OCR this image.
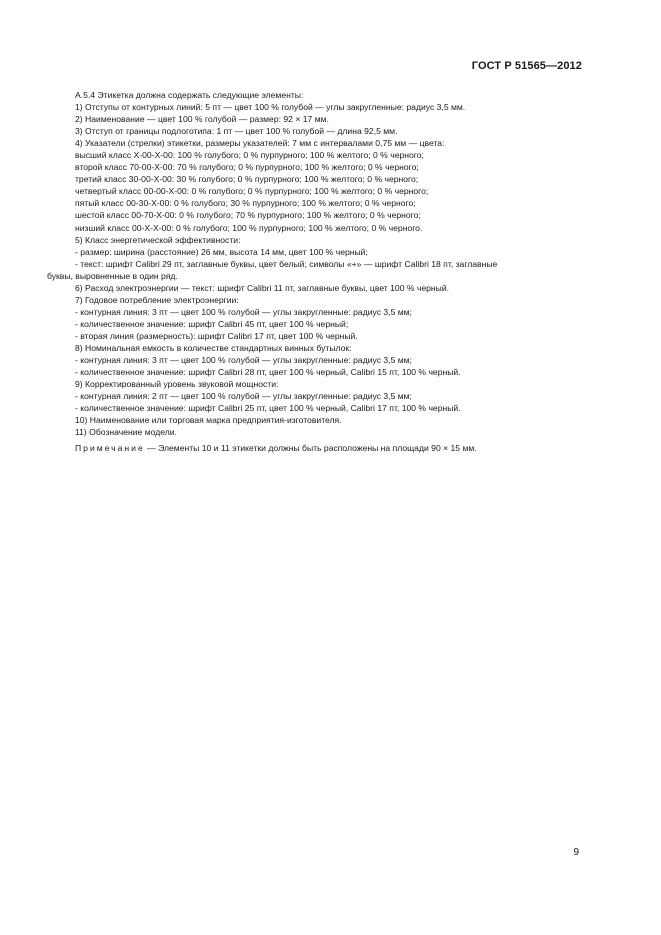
ГОСТ Р 51565—2012
А.5.4 Этикетка должна содержать следующие элементы:
1) Отступы от контурных линий: 5 пт — цвет 100 % голубой — углы закругленные: радиус 3,5 мм.
2) Наименование — цвет 100 % голубой — размер: 92 × 17 мм.
3) Отступ от границы подлоготипа: 1 пт — цвет 100 % голубой — длина 92,5 мм.
4) Указатели (стрелки) этикетки, размеры указателей: 7 мм с интервалами 0,75 мм — цвета:
высший класс Х-00-Х-00: 100 % голубого; 0 % пурпурного; 100 % желтого; 0 % черного;
второй класс 70-00-Х-00: 70 % голубого; 0 % пурпурного; 100 % желтого; 0 % черного;
третий класс 30-00-Х-00: 30 % голубого; 0 % пурпурного; 100 % желтого; 0 % черного;
четвертый класс 00-00-Х-00: 0 % голубого; 0 % пурпурного; 100 % желтого; 0 % черного;
пятый класс 00-30-Х-00: 0 % голубого; 30 % пурпурного; 100 % желтого; 0 % черного;
шестой класс 00-70-Х-00: 0 % голубого; 70 % пурпурного; 100 % желтого; 0 % черного;
низший класс 00-Х-Х-00: 0 % голубого; 100 % пурпурного; 100 % желтого; 0 % черного.
5) Класс энергетической эффективности:
- размер: ширина (расстояние) 26 мм, высота 14 мм, цвет 100 % черный;
- текст: шрифт Calibri 29 пт, заглавные буквы, цвет белый; символы «+» — шрифт Calibri 18 пт, заглавные
буквы, выровненные в один ряд.
6) Расход электроэнергии — текст: шрифт Calibri 11 пт, заглавные буквы, цвет 100 % черный.
7) Годовое потребление электроэнергии:
- контурная линия: 3 пт — цвет 100 % голубой — углы закругленные: радиус 3,5 мм;
- количественное значение: шрифт Calibri 45 пт, цвет 100 % черный;
- вторая линия (размерность): шрифт Calibri 17 пт, цвет 100 % черный.
8) Номинальная емкость в количестве стандартных винных бутылок:
- контурная линия: 3 пт — цвет 100 % голубой — углы закругленные: радиус 3,5 мм;
- количественное значение: шрифт Calibri 28 пт, цвет 100 % черный, Calibri 15 пт, 100 % черный.
9) Корректированный уровень звуковой мощности:
- контурная линия: 2 пт — цвет 100 % голубой — углы закругленные: радиус 3,5 мм;
- количественное значение: шрифт Calibri 25 пт, цвет 100 % черный, Calibri 17 пт, 100 % черный.
10) Наименование или торговая марка предприятия-изготовителя.
11) Обозначение модели.
Примечание — Элементы 10 и 11 этикетки должны быть расположены на площади 90 × 15 мм.
9
